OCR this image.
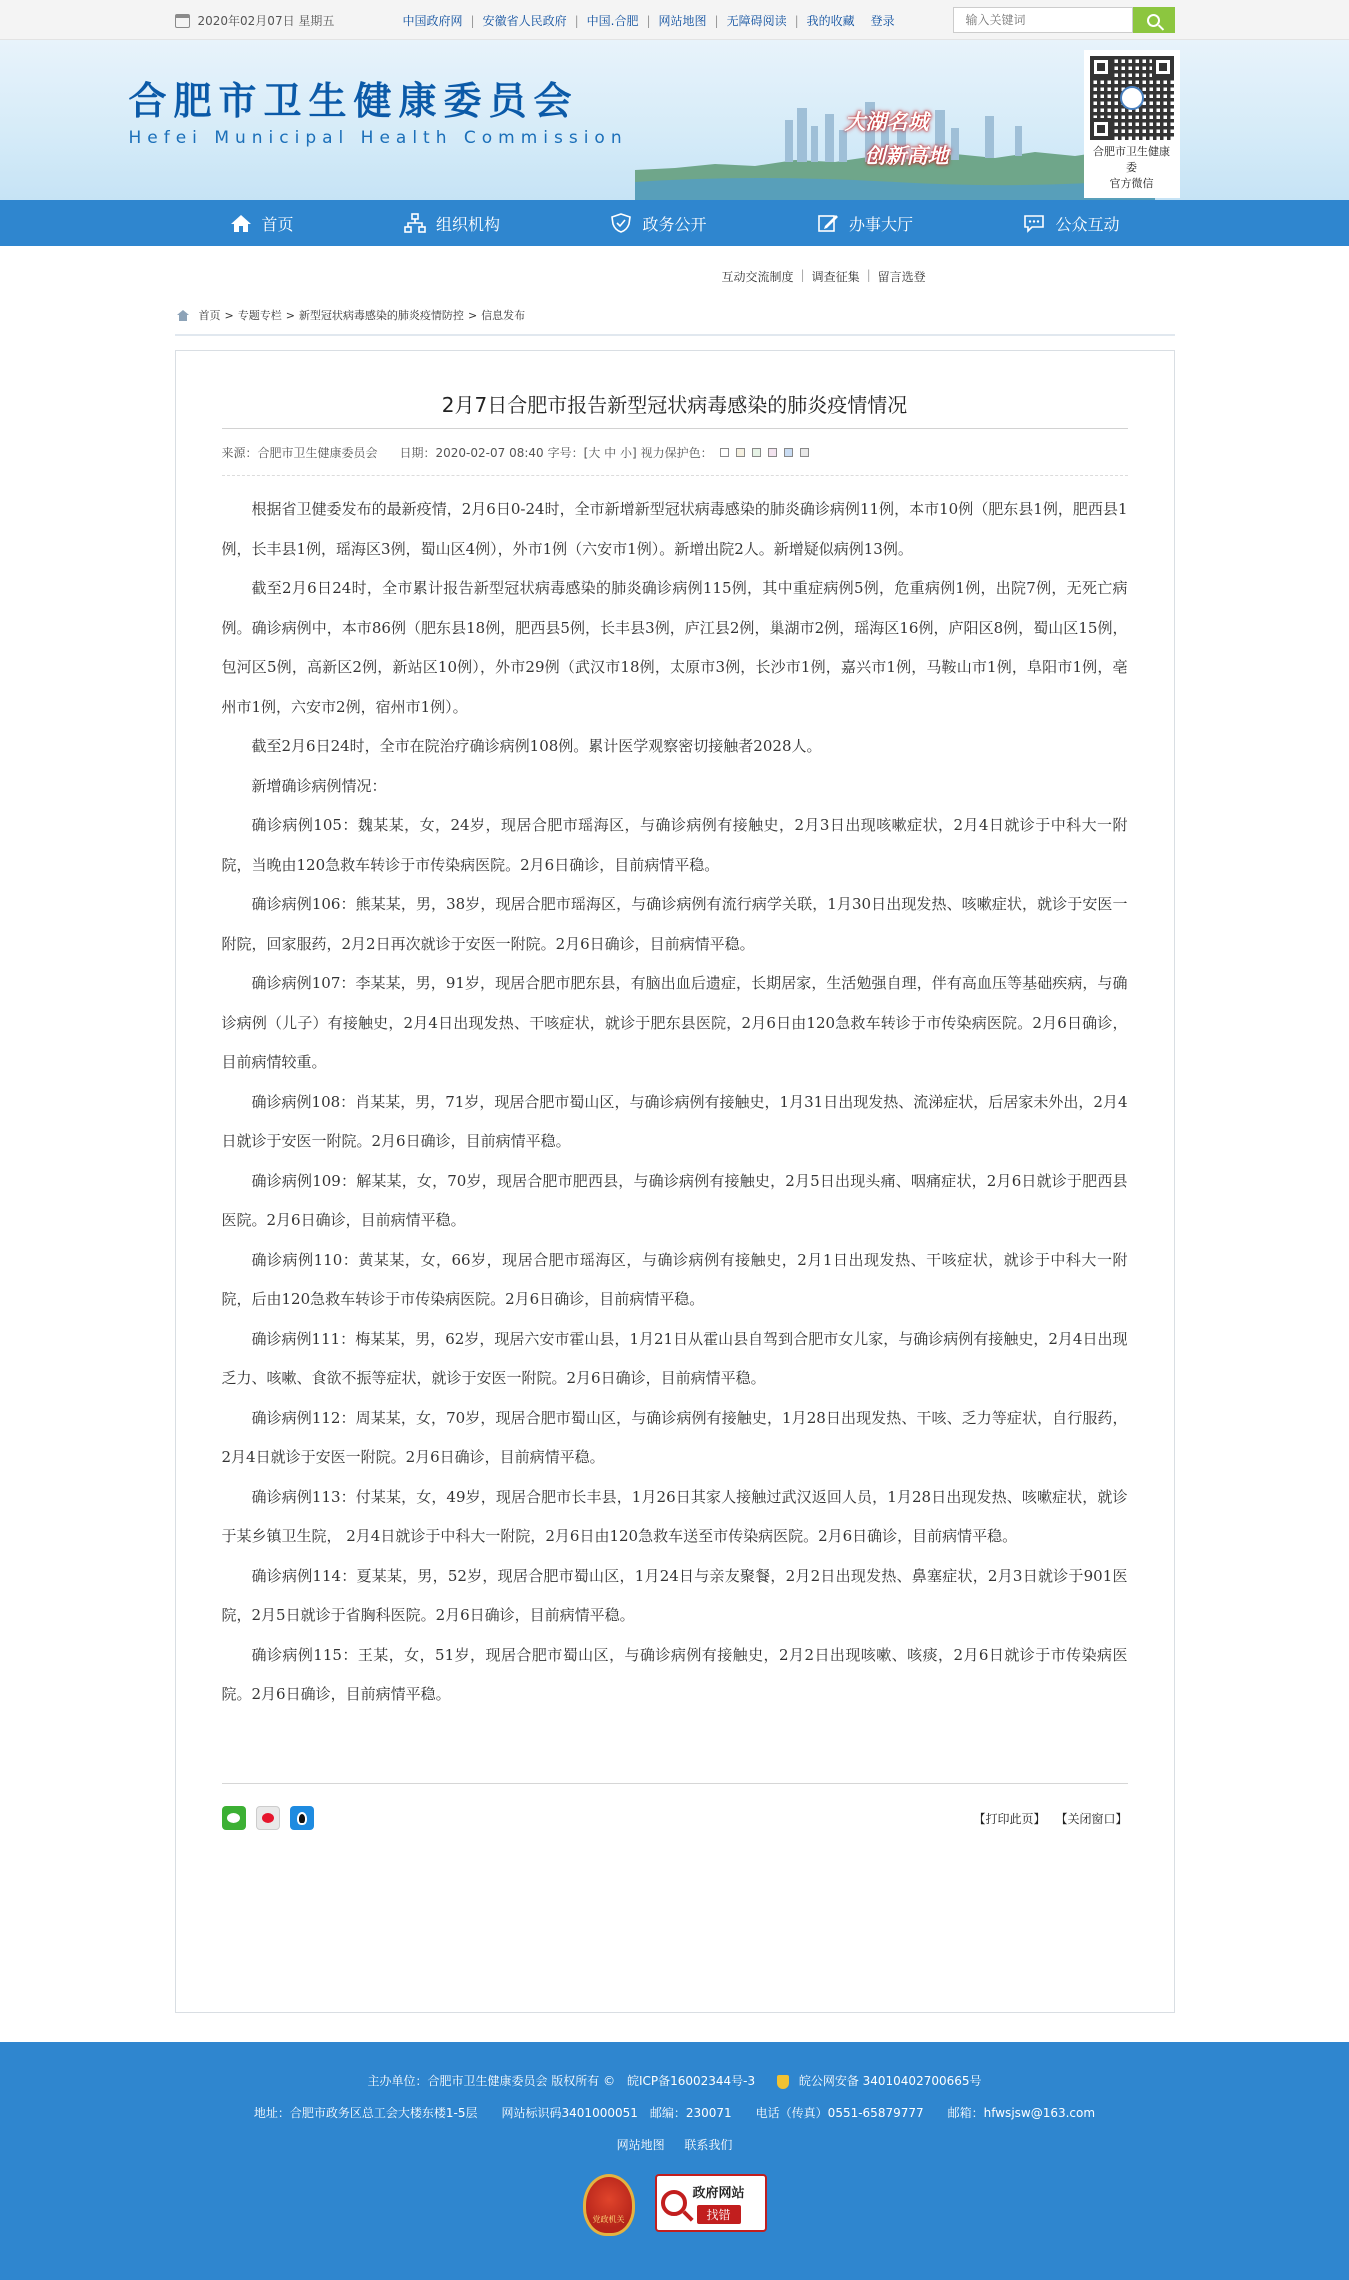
2020年02月07日 星期五	中国政府网 | 安徽省人民政府 | 中国.合肥 | 网站地图 | 无障碍阅读 | 我的收藏	登录
输入关键词
合肥市卫生健康委员会
Hefei Municipal Health Commission
大湖名城
创新高地	合肥市卫生健康委
官方微信
首页	组织机构	政务公开	办事大厅	公众互动
互动交流制度 | 调查征集 | 留言选登
首页 > 专题专栏 > 新型冠状病毒感染的肺炎疫情防控 > 信息发布
2月7日合肥市报告新型冠状病毒感染的肺炎疫情情况
来源：合肥市卫生健康委员会 日期：2020-02-07 08:40 字号：[大 中 小] 视力保护色：

根据省卫健委发布的最新疫情，2月6日0-24时，全市新增新型冠状病毒感染的肺炎确诊病例11例，本市10例（肥东县1例，肥西县1例，长丰县1例，瑶海区3例，蜀山区4例），外市1例（六安市1例）。新增出院2人。新增疑似病例13例。

截至2月6日24时，全市累计报告新型冠状病毒感染的肺炎确诊病例115例，其中重症病例5例，危重病例1例，出院7例，无死亡病例。确诊病例中，本市86例（肥东县18例，肥西县5例，长丰县3例，庐江县2例，巢湖市2例，瑶海区16例，庐阳区8例，蜀山区15例，包河区5例，高新区2例，新站区10例），外市29例（武汉市18例，太原市3例，长沙市1例，嘉兴市1例，马鞍山市1例，阜阳市1例，亳州市1例，六安市2例，宿州市1例）。

截至2月6日24时，全市在院治疗确诊病例108例。累计医学观察密切接触者2028人。

新增确诊病例情况：

确诊病例105：魏某某，女，24岁，现居合肥市瑶海区，与确诊病例有接触史，2月3日出现咳嗽症状，2月4日就诊于中科大一附院，当晚由120急救车转诊于市传染病医院。2月6日确诊，目前病情平稳。

确诊病例106：熊某某，男，38岁，现居合肥市瑶海区，与确诊病例有流行病学关联，1月30日出现发热、咳嗽症状，就诊于安医一附院，回家服药，2月2日再次就诊于安医一附院。2月6日确诊，目前病情平稳。

确诊病例107：李某某，男，91岁，现居合肥市肥东县，有脑出血后遗症，长期居家，生活勉强自理，伴有高血压等基础疾病，与确诊病例（儿子）有接触史，2月4日出现发热、干咳症状，就诊于肥东县医院，2月6日由120急救车转诊于市传染病医院。2月6日确诊，目前病情较重。

确诊病例108：肖某某，男，71岁，现居合肥市蜀山区，与确诊病例有接触史，1月31日出现发热、流涕症状，后居家未外出，2月4日就诊于安医一附院。2月6日确诊，目前病情平稳。

确诊病例109：解某某，女，70岁，现居合肥市肥西县，与确诊病例有接触史，2月5日出现头痛、咽痛症状，2月6日就诊于肥西县医院。2月6日确诊，目前病情平稳。

确诊病例110：黄某某，女，66岁，现居合肥市瑶海区，与确诊病例有接触史，2月1日出现发热、干咳症状，就诊于中科大一附院，后由120急救车转诊于市传染病医院。2月6日确诊，目前病情平稳。

确诊病例111：梅某某，男，62岁，现居六安市霍山县，1月21日从霍山县自驾到合肥市女儿家，与确诊病例有接触史，2月4日出现乏力、咳嗽、食欲不振等症状，就诊于安医一附院。2月6日确诊，目前病情平稳。

确诊病例112：周某某，女，70岁，现居合肥市蜀山区，与确诊病例有接触史，1月28日出现发热、干咳、乏力等症状，自行服药，2月4日就诊于安医一附院。2月6日确诊，目前病情平稳。

确诊病例113：付某某，女，49岁，现居合肥市长丰县，1月26日其家人接触过武汉返回人员，1月28日出现发热、咳嗽症状，就诊于某乡镇卫生院， 2月4日就诊于中科大一附院，2月6日由120急救车送至市传染病医院。2月6日确诊，目前病情平稳。

确诊病例114：夏某某，男，52岁，现居合肥市蜀山区，1月24日与亲友聚餐，2月2日出现发热、鼻塞症状，2月3日就诊于901医院，2月5日就诊于省胸科医院。2月6日确诊，目前病情平稳。

确诊病例115：王某，女，51岁，现居合肥市蜀山区，与确诊病例有接触史，2月2日出现咳嗽、咳痰，2月6日就诊于市传染病医院。2月6日确诊，目前病情平稳。

【打印此页】 【关闭窗口】
主办单位：合肥市卫生健康委员会 版权所有 © 皖ICP备16002344号-3	皖公网安备 34010402700665号
地址：合肥市政务区总工会大楼东楼1-5层　　网站标识码3401000051　邮编：230071　　电话（传真）0551-65879777　　邮箱：hfwsjsw@163.com
网站地图 联系我们
党政机关
政府网站
找错
